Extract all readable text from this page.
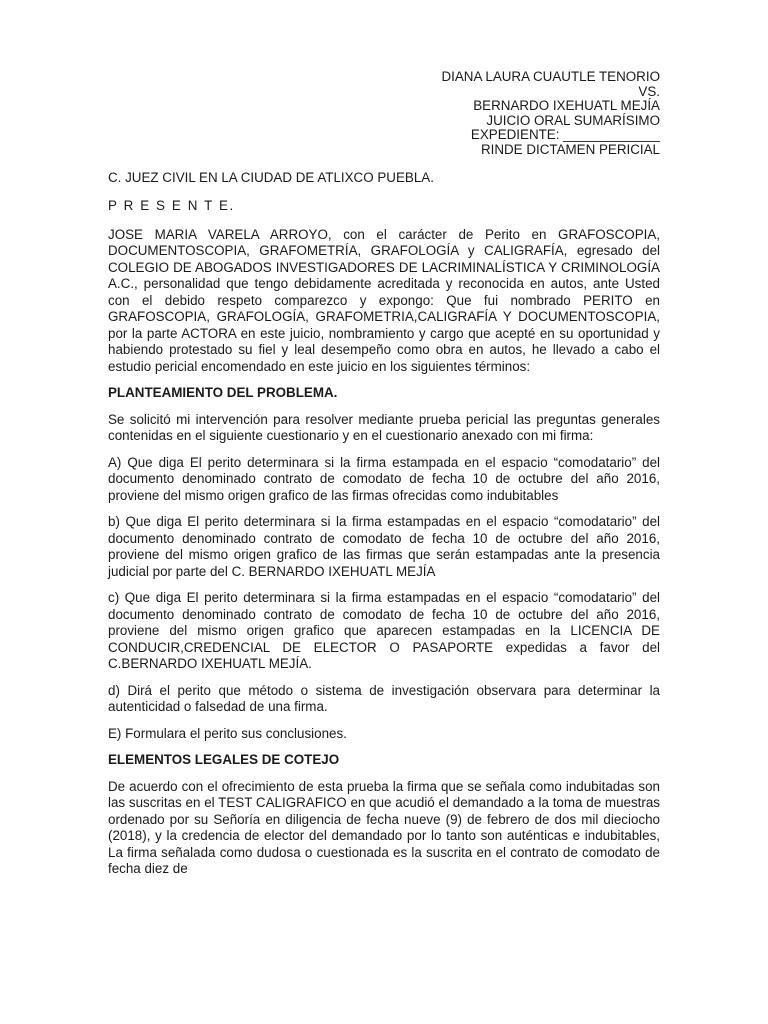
DIANA LAURA CUAUTLE TENORIO
VS.
BERNARDO IXEHUATL MEJÍA
JUICIO ORAL SUMARÍSIMO
EXPEDIENTE: _____________
RINDE DICTAMEN PERICIAL

C. JUEZ CIVIL EN LA CIUDAD DE ATLIXCO PUEBLA.

P R E S E N T E.

JOSE MARIA VARELA ARROYO, con el carácter de Perito en GRAFOSCOPIA, DOCUMENTOSCOPIA, GRAFOMETRÍA, GRAFOLOGÍA y CALIGRAFÍA, egresado del COLEGIO DE ABOGADOS INVESTIGADORES DE LACRIMINALÍSTICA Y CRIMINOLOGÍA A.C., personalidad que tengo debidamente acreditada y reconocida en autos, ante Usted con el debido respeto comparezco y expongo: Que fui nombrado PERITO en GRAFOSCOPIA, GRAFOLOGÍA, GRAFOMETRIA,CALIGRAFÍA Y DOCUMENTOSCOPIA, por la parte ACTORA en este juicio, nombramiento y cargo que acepté en su oportunidad y habiendo protestado su fiel y leal desempeño como obra en autos, he llevado a cabo el estudio pericial encomendado en este juicio en los siguientes términos:

PLANTEAMIENTO DEL PROBLEMA.

Se solicitó mi intervención para resolver mediante prueba pericial las preguntas generales contenidas en el siguiente cuestionario y en el cuestionario anexado con mi firma:

A) Que diga El perito determinara si la firma estampada en el espacio “comodatario” del documento denominado contrato de comodato de fecha 10 de octubre del año 2016, proviene del mismo origen grafico de las firmas ofrecidas como indubitables

b) Que diga El perito determinara si la firma estampadas en el espacio “comodatario” del documento denominado contrato de comodato de fecha 10 de octubre del año 2016, proviene del mismo origen grafico de las firmas que serán estampadas ante la presencia judicial por parte del C. BERNARDO IXEHUATL MEJÍA

c) Que diga El perito determinara si la firma estampadas en el espacio “comodatario” del documento denominado contrato de comodato de fecha 10 de octubre del año 2016, proviene del mismo origen grafico que aparecen estampadas en la LICENCIA DE CONDUCIR,CREDENCIAL DE ELECTOR O PASAPORTE expedidas a favor del C.BERNARDO IXEHUATL MEJÍA.

d) Dirá el perito que método o sistema de investigación observara para determinar la autenticidad o falsedad de una firma.

E) Formulara el perito sus conclusiones.

ELEMENTOS LEGALES DE COTEJO

De acuerdo con el ofrecimiento de esta prueba la firma que se señala como indubitadas son las suscritas en el TEST CALIGRAFICO en que acudió el demandado a la toma de muestras ordenado por su Señoría en diligencia de fecha nueve (9) de febrero de dos mil dieciocho (2018), y la credencia de elector del demandado por lo tanto son auténticas e indubitables, La firma señalada como dudosa o cuestionada es la suscrita en el contrato de comodato de fecha diez de
